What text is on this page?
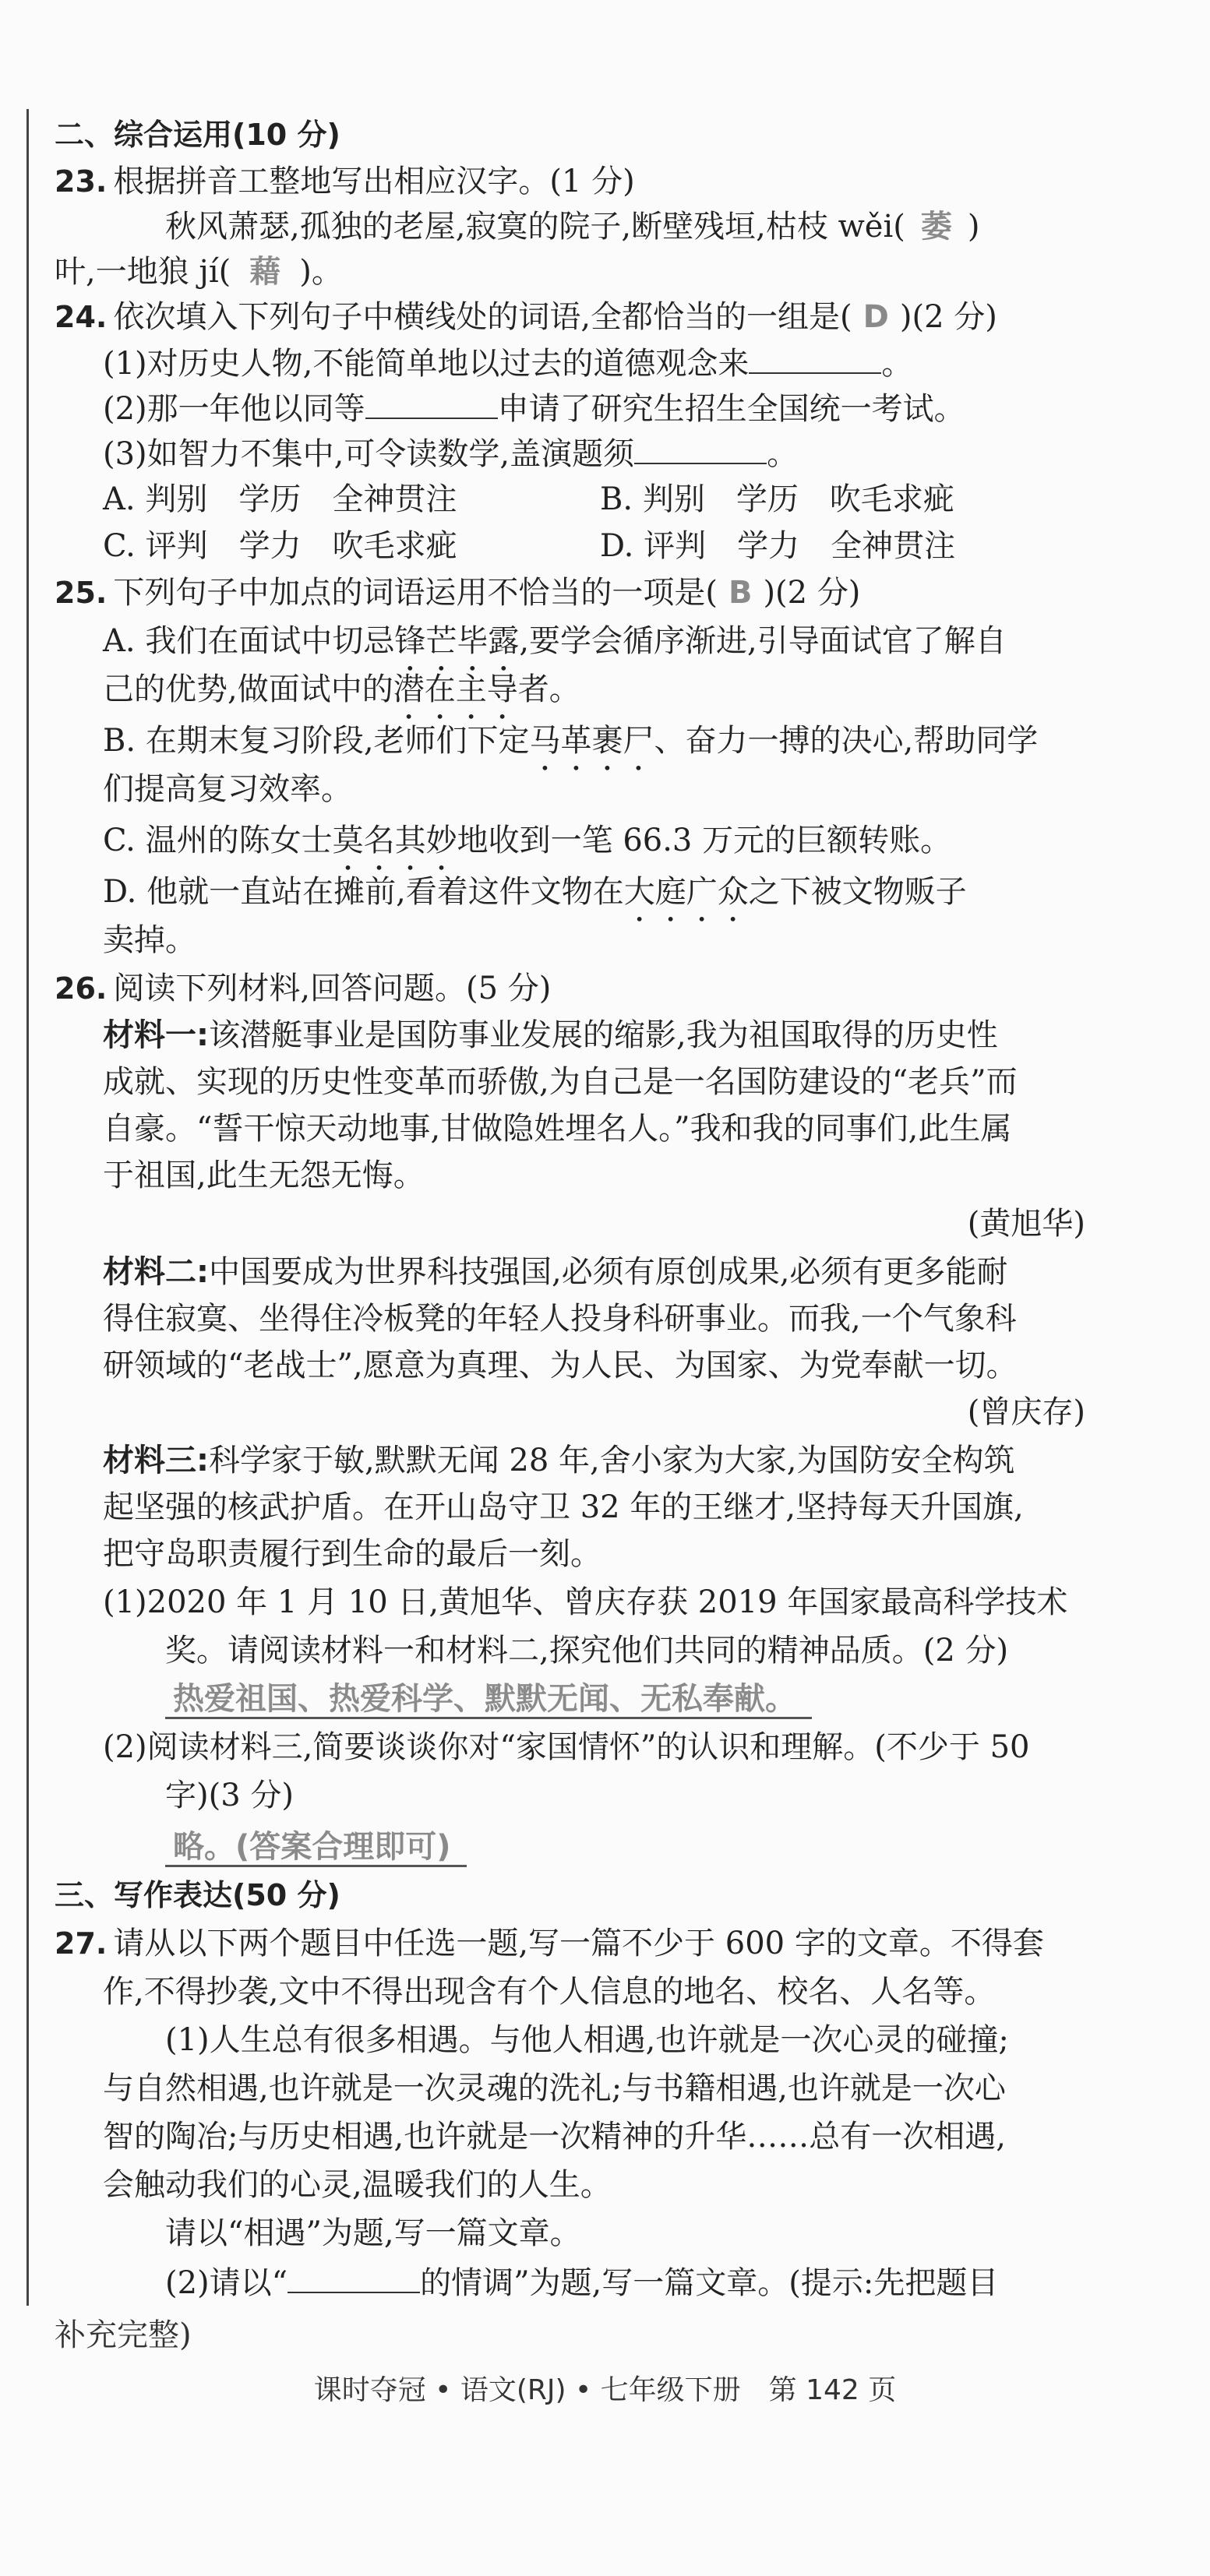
二、综合运用(10 分)
23. 根据拼音工整地写出相应汉字。(1 分)
秋风萧瑟,孤独的老屋,寂寞的院子,断壁残垣,枯枝 wěi( 萎 )
叶,一地狼 jí( 藉 )。
24. 依次填入下列句子中横线处的词语,全都恰当的一组是( D )(2 分)
(1)对历史人物,不能简单地以过去的道德观念来	。
(2)那一年他以同等	申请了研究生招生全国统一考试。
(3)如智力不集中,可令读数学,盖演题须	。
A. 判别　学历　全神贯注	B. 判别　学历　吹毛求疵
C. 评判　学力　吹毛求疵	D. 评判　学力　全神贯注
25. 下列句子中加点的词语运用不恰当的一项是( B )(2 分)
A. 我们在面试中切忌锋芒毕露,要学会循序渐进,引导面试官了解自
己的优势,做面试中的潜在主导者。
B. 在期末复习阶段,老师们下定马革裹尸、奋力一搏的决心,帮助同学
们提高复习效率。
C. 温州的陈女士莫名其妙地收到一笔 66.3 万元的巨额转账。
D. 他就一直站在摊前,看着这件文物在大庭广众之下被文物贩子
卖掉。
26. 阅读下列材料,回答问题。(5 分)
材料一:该潜艇事业是国防事业发展的缩影,我为祖国取得的历史性
成就、实现的历史性变革而骄傲,为自己是一名国防建设的“老兵”而
自豪。“誓干惊天动地事,甘做隐姓埋名人。”我和我的同事们,此生属
于祖国,此生无怨无悔。
(黄旭华)
材料二:中国要成为世界科技强国,必须有原创成果,必须有更多能耐
得住寂寞、坐得住冷板凳的年轻人投身科研事业。而我,一个气象科
研领域的“老战士”,愿意为真理、为人民、为国家、为党奉献一切。
(曾庆存)
材料三:科学家于敏,默默无闻 28 年,舍小家为大家,为国防安全构筑
起坚强的核武护盾。在开山岛守卫 32 年的王继才,坚持每天升国旗,
把守岛职责履行到生命的最后一刻。
(1)2020 年 1 月 10 日,黄旭华、曾庆存获 2019 年国家最高科学技术
奖。请阅读材料一和材料二,探究他们共同的精神品质。(2 分)
热爱祖国、热爱科学、默默无闻、无私奉献。
(2)阅读材料三,简要谈谈你对“家国情怀”的认识和理解。(不少于 50
字)(3 分)
略。(答案合理即可)
三、写作表达(50 分)
27. 请从以下两个题目中任选一题,写一篇不少于 600 字的文章。不得套
作,不得抄袭,文中不得出现含有个人信息的地名、校名、人名等。
(1)人生总有很多相遇。与他人相遇,也许就是一次心灵的碰撞;
与自然相遇,也许就是一次灵魂的洗礼;与书籍相遇,也许就是一次心
智的陶冶;与历史相遇,也许就是一次精神的升华……总有一次相遇,
会触动我们的心灵,温暖我们的人生。
请以“相遇”为题,写一篇文章。
(2)请以“	的情调”为题,写一篇文章。(提示:先把题目
补充完整)
课时夺冠 • 语文(RJ) • 七年级下册　第 142 页
